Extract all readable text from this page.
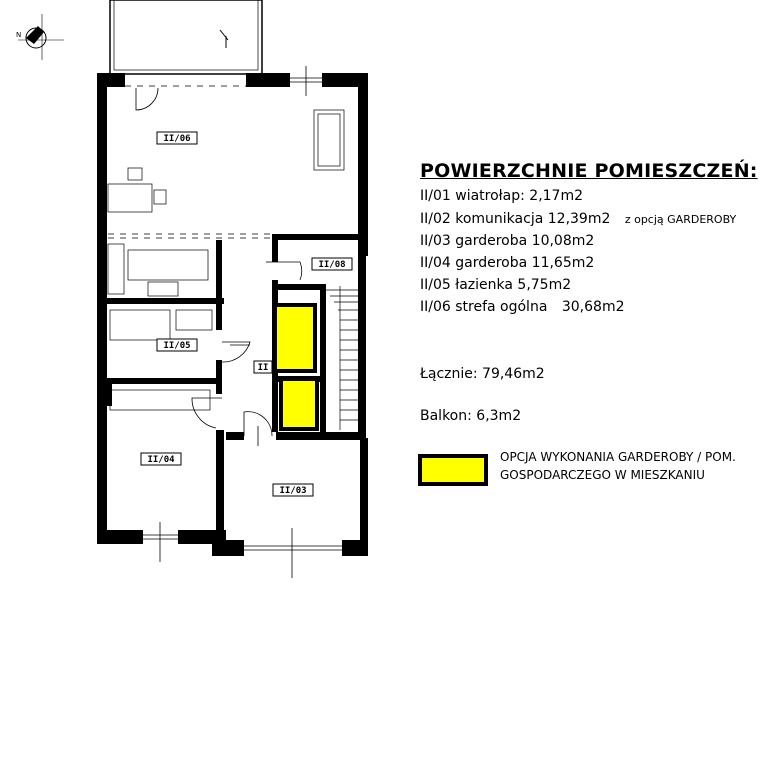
N
II/06
II/08
II/05
II/04
II/03
II
POWIERZCHNIE POMIESZCZEŃ:
II/01 wiatrołap: 2,17m2
II/02 komunikacja 12,39m2 z opcją GARDEROBY
II/03 garderoba 10,08m2
II/04 garderoba 11,65m2
II/05 łazienka 5,75m2
II/06 strefa ogólna 30,68m2
Łącznie: 79,46m2
Balkon: 6,3m2
OPCJA WYKONANIA GARDEROBY / POM. GOSPODARCZEGO W MIESZKANIU
